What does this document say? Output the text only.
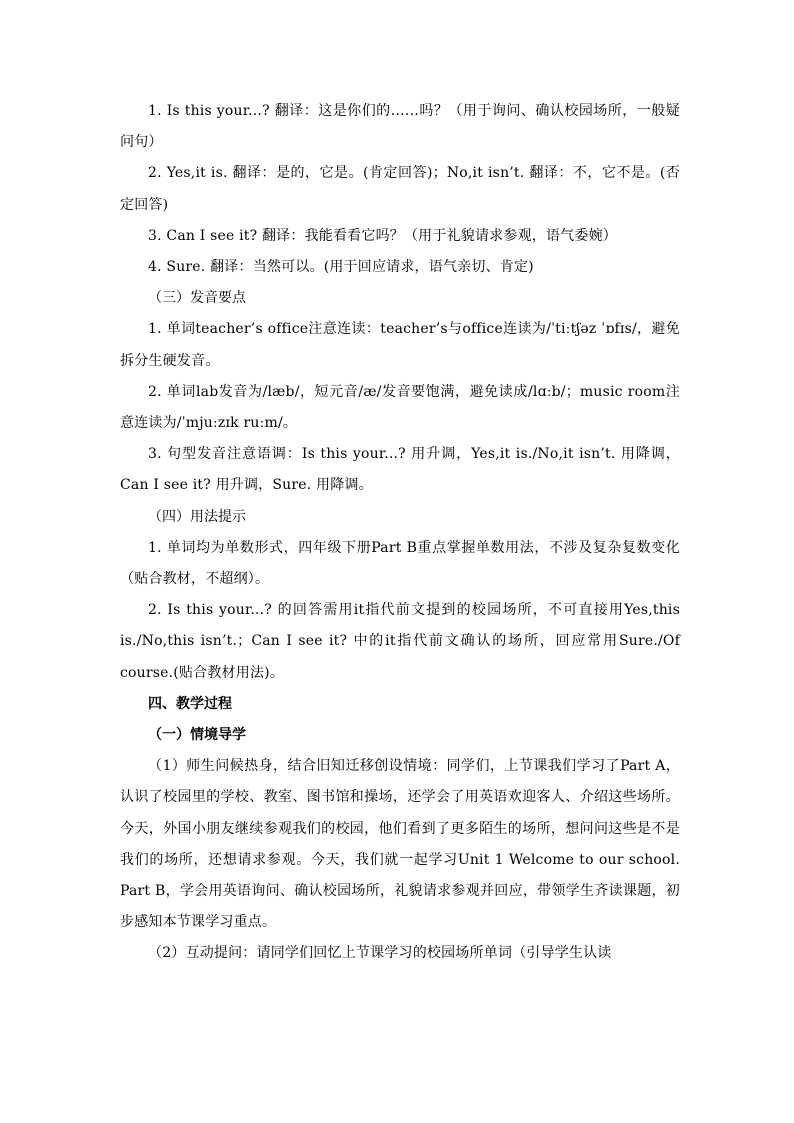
1. Is this your...? 翻译：这是你们的……吗？（用于询问、确认校园场所，一般疑问句）

2. Yes,it is. 翻译：是的，它是。(肯定回答)；No,it isn’t. 翻译：不，它不是。(否定回答)

3. Can I see it? 翻译：我能看看它吗？（用于礼貌请求参观，语气委婉）

4. Sure. 翻译：当然可以。(用于回应请求，语气亲切、肯定)

（三）发音要点

1. 单词teacher’s office注意连读：teacher’s与office连读为/ˈtiːtʃəz ˈɒfɪs/，避免拆分生硬发音。

2. 单词lab发音为/læb/，短元音/æ/发音要饱满，避免读成/lɑːb/；music room注意连读为/ˈmjuːzɪk ruːm/。

3. 句型发音注意语调：Is this your...? 用升调，Yes,it is./No,it isn’t. 用降调，Can I see it? 用升调，Sure. 用降调。

（四）用法提示

1. 单词均为单数形式，四年级下册Part B重点掌握单数用法，不涉及复杂复数变化（贴合教材，不超纲）。

2. Is this your...? 的回答需用it指代前文提到的校园场所，不可直接用Yes,this is./No,this isn’t.；Can I see it? 中的it指代前文确认的场所，回应常用Sure./Of course.(贴合教材用法)。

四、教学过程

（一）情境导学

（1）师生问候热身，结合旧知迁移创设情境：同学们，上节课我们学习了Part A，认识了校园里的学校、教室、图书馆和操场，还学会了用英语欢迎客人、介绍这些场所。今天，外国小朋友继续参观我们的校园，他们看到了更多陌生的场所，想问问这些是不是我们的场所，还想请求参观。今天，我们就一起学习Unit 1 Welcome to our school. Part B，学会用英语询问、确认校园场所，礼貌请求参观并回应，带领学生齐读课题，初步感知本节课学习重点。

（2）互动提问：请同学们回忆上节课学习的校园场所单词（引导学生认读
